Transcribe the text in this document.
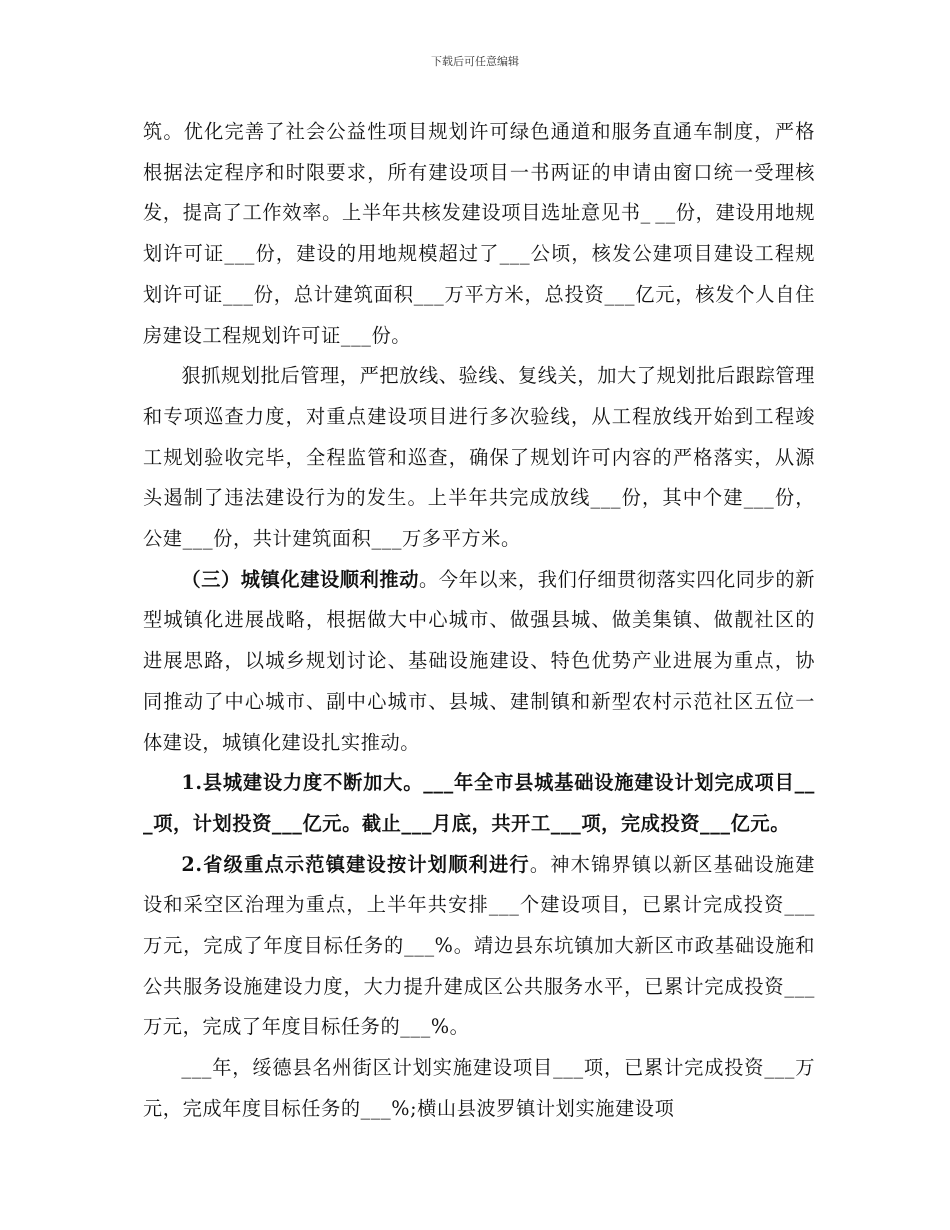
下载后可任意编辑

筑。优化完善了社会公益性项目规划许可绿色通道和服务直通车制度，严格根据法定程序和时限要求，所有建设项目一书两证的申请由窗口统一受理核发，提高了工作效率。上半年共核发建设项目选址意见书_ __份，建设用地规划许可证___份，建设的用地规模超过了___公顷，核发公建项目建设工程规划许可证___份，总计建筑面积___万平方米，总投资___亿元，核发个人自住房建设工程规划许可证___份。

狠抓规划批后管理，严把放线、验线、复线关，加大了规划批后跟踪管理和专项巡查力度，对重点建设项目进行多次验线，从工程放线开始到工程竣工规划验收完毕，全程监管和巡查，确保了规划许可内容的严格落实，从源头遏制了违法建设行为的发生。上半年共完成放线___份，其中个建___份，公建___份，共计建筑面积___万多平方米。

（三）城镇化建设顺利推动。今年以来，我们仔细贯彻落实四化同步的新型城镇化进展战略，根据做大中心城市、做强县城、做美集镇、做靓社区的进展思路，以城乡规划讨论、基础设施建设、特色优势产业进展为重点，协同推动了中心城市、副中心城市、县城、建制镇和新型农村示范社区五位一体建设，城镇化建设扎实推动。

1.县城建设力度不断加大。___年全市县城基础设施建设计划完成项目___项，计划投资___亿元。截止___月底，共开工___项，完成投资___亿元。

2.省级重点示范镇建设按计划顺利进行。神木锦界镇以新区基础设施建设和采空区治理为重点，上半年共安排___个建设项目，已累计完成投资___万元，完成了年度目标任务的___%。靖边县东坑镇加大新区市政基础设施和公共服务设施建设力度，大力提升建成区公共服务水平，已累计完成投资___万元，完成了年度目标任务的___%。

___年，绥德县名州街区计划实施建设项目___项，已累计完成投资___万元，完成年度目标任务的___%;横山县波罗镇计划实施建设项
